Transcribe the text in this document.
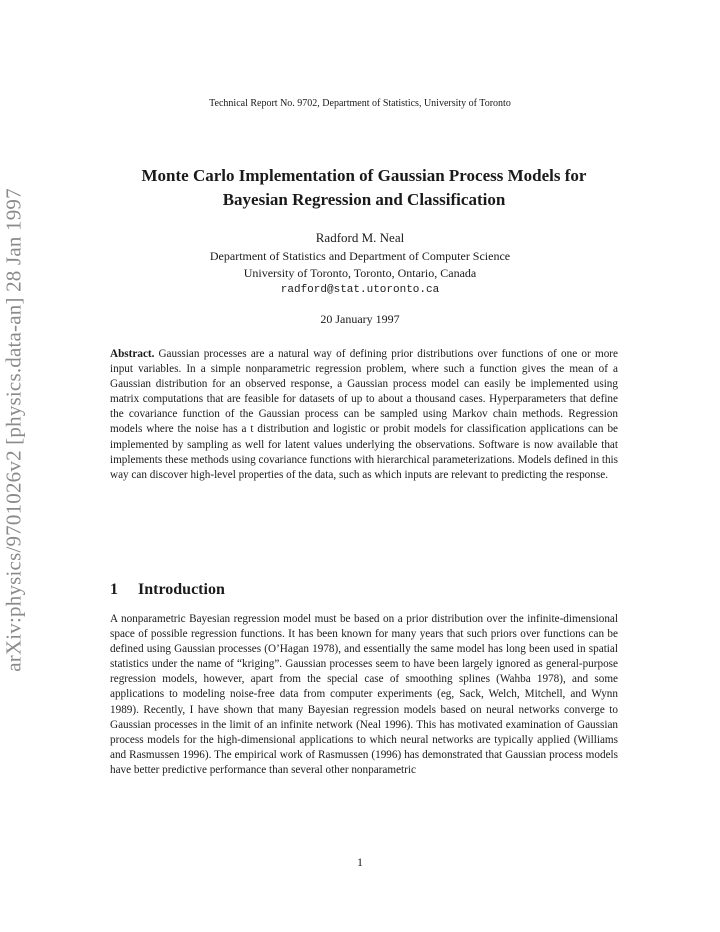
arXiv:physics/9701026v2 [physics.data-an] 28 Jan 1997
Technical Report No. 9702, Department of Statistics, University of Toronto
Monte Carlo Implementation of Gaussian Process Models for
Bayesian Regression and Classification
Radford M. Neal
Department of Statistics and Department of Computer Science
University of Toronto, Toronto, Ontario, Canada
radford@stat.utoronto.ca
20 January 1997
Abstract. Gaussian processes are a natural way of defining prior distributions over functions of one or more input variables. In a simple nonparametric regression problem, where such a function gives the mean of a Gaussian distribution for an observed response, a Gaussian process model can easily be implemented using matrix computations that are feasible for datasets of up to about a thousand cases. Hyperparameters that define the covariance function of the Gaussian process can be sampled using Markov chain methods. Regression models where the noise has a t distribution and logistic or probit models for classification applications can be implemented by sampling as well for latent values underlying the observations. Software is now available that implements these methods using covariance functions with hierarchical parameterizations. Models defined in this way can discover high-level properties of the data, such as which inputs are relevant to predicting the response.
1 Introduction
A nonparametric Bayesian regression model must be based on a prior distribution over the infinite-dimensional space of possible regression functions. It has been known for many years that such priors over functions can be defined using Gaussian processes (O’Hagan 1978), and essentially the same model has long been used in spatial statistics under the name of “kriging”. Gaussian processes seem to have been largely ignored as general-purpose regression models, however, apart from the special case of smoothing splines (Wahba 1978), and some applications to modeling noise-free data from computer experiments (eg, Sack, Welch, Mitchell, and Wynn 1989). Recently, I have shown that many Bayesian regression models based on neural networks converge to Gaussian processes in the limit of an infinite network (Neal 1996). This has motivated examination of Gaussian process models for the high-dimensional applications to which neural networks are typically applied (Williams and Rasmussen 1996). The empirical work of Rasmussen (1996) has demonstrated that Gaussian process models have better predictive performance than several other nonparametric
1
